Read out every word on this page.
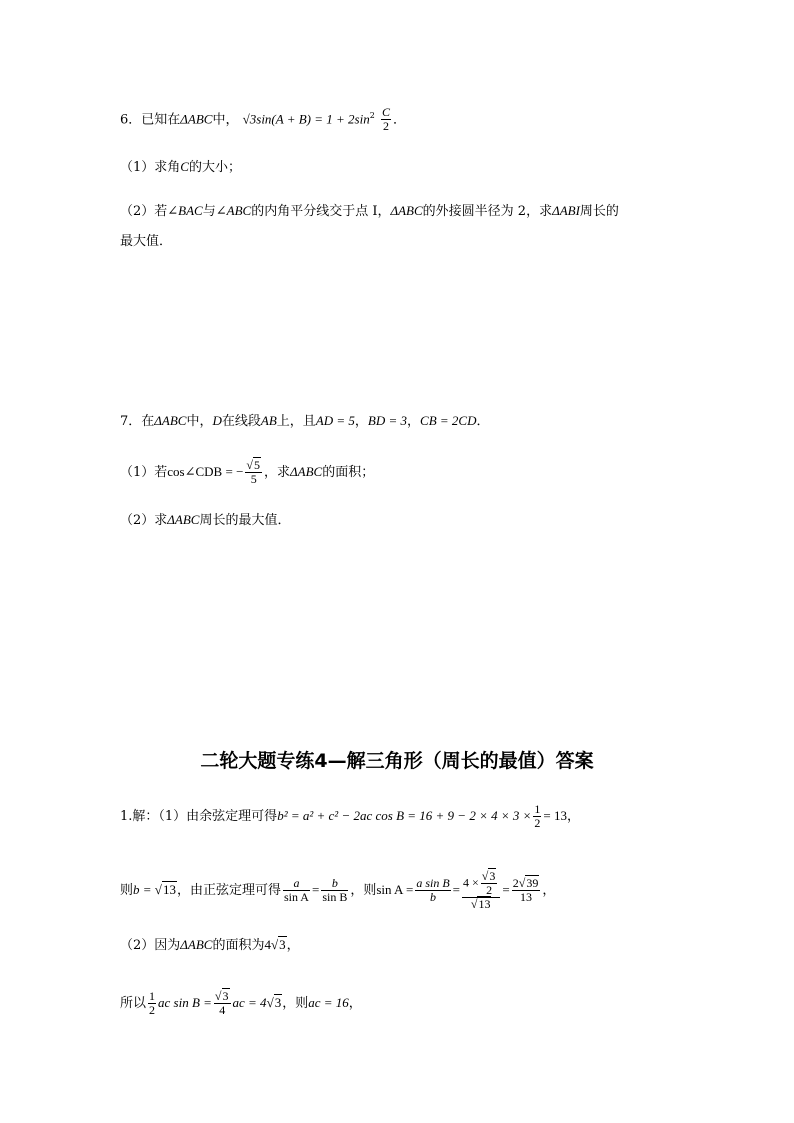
6．已知在ΔABC中， $√3\sin(A + B) = 1 + 2\sin^2 \frac{C}{2}$ ．
（1）求角C的大小；
（2）若∠BAC与∠ABC的内角平分线交于点 I，ΔABC的外接圆半径为 2，求ΔABI周长的
最大值．
7．在ΔABC中，D在线段AB上，且AD = 5，BD = 3，CB = 2CD．
（1）若cos∠CDB = − $\frac{√5}{5}$ ，求ΔABC的面积；
（2）求ΔABC周长的最大值．
二轮大题专练4—解三角形（周长的最值）答案
1.解：（1）由余弦定理可得b² = a² + c² − 2ac $\cos B = 16 + 9 - 2 \times 4 \times 3 \times \frac{1}{2} = 13$，
则b = √13，由正弦定理可得 $\frac{a}{\text{sin A}} = \frac{b}{\text{sin B}}$ ，则$\sin A = \frac{\text{a sin B}}{b} = \frac{4 \times \frac{√3}{2}}{√13} = \frac{2√39}{13}$ ，
（2）因为ΔABC的面积为4√3，
所以 $\frac{1}{2}$ ac $\sin B = \frac{√3}{4}$ ac = 4√3，则ac = 16，
